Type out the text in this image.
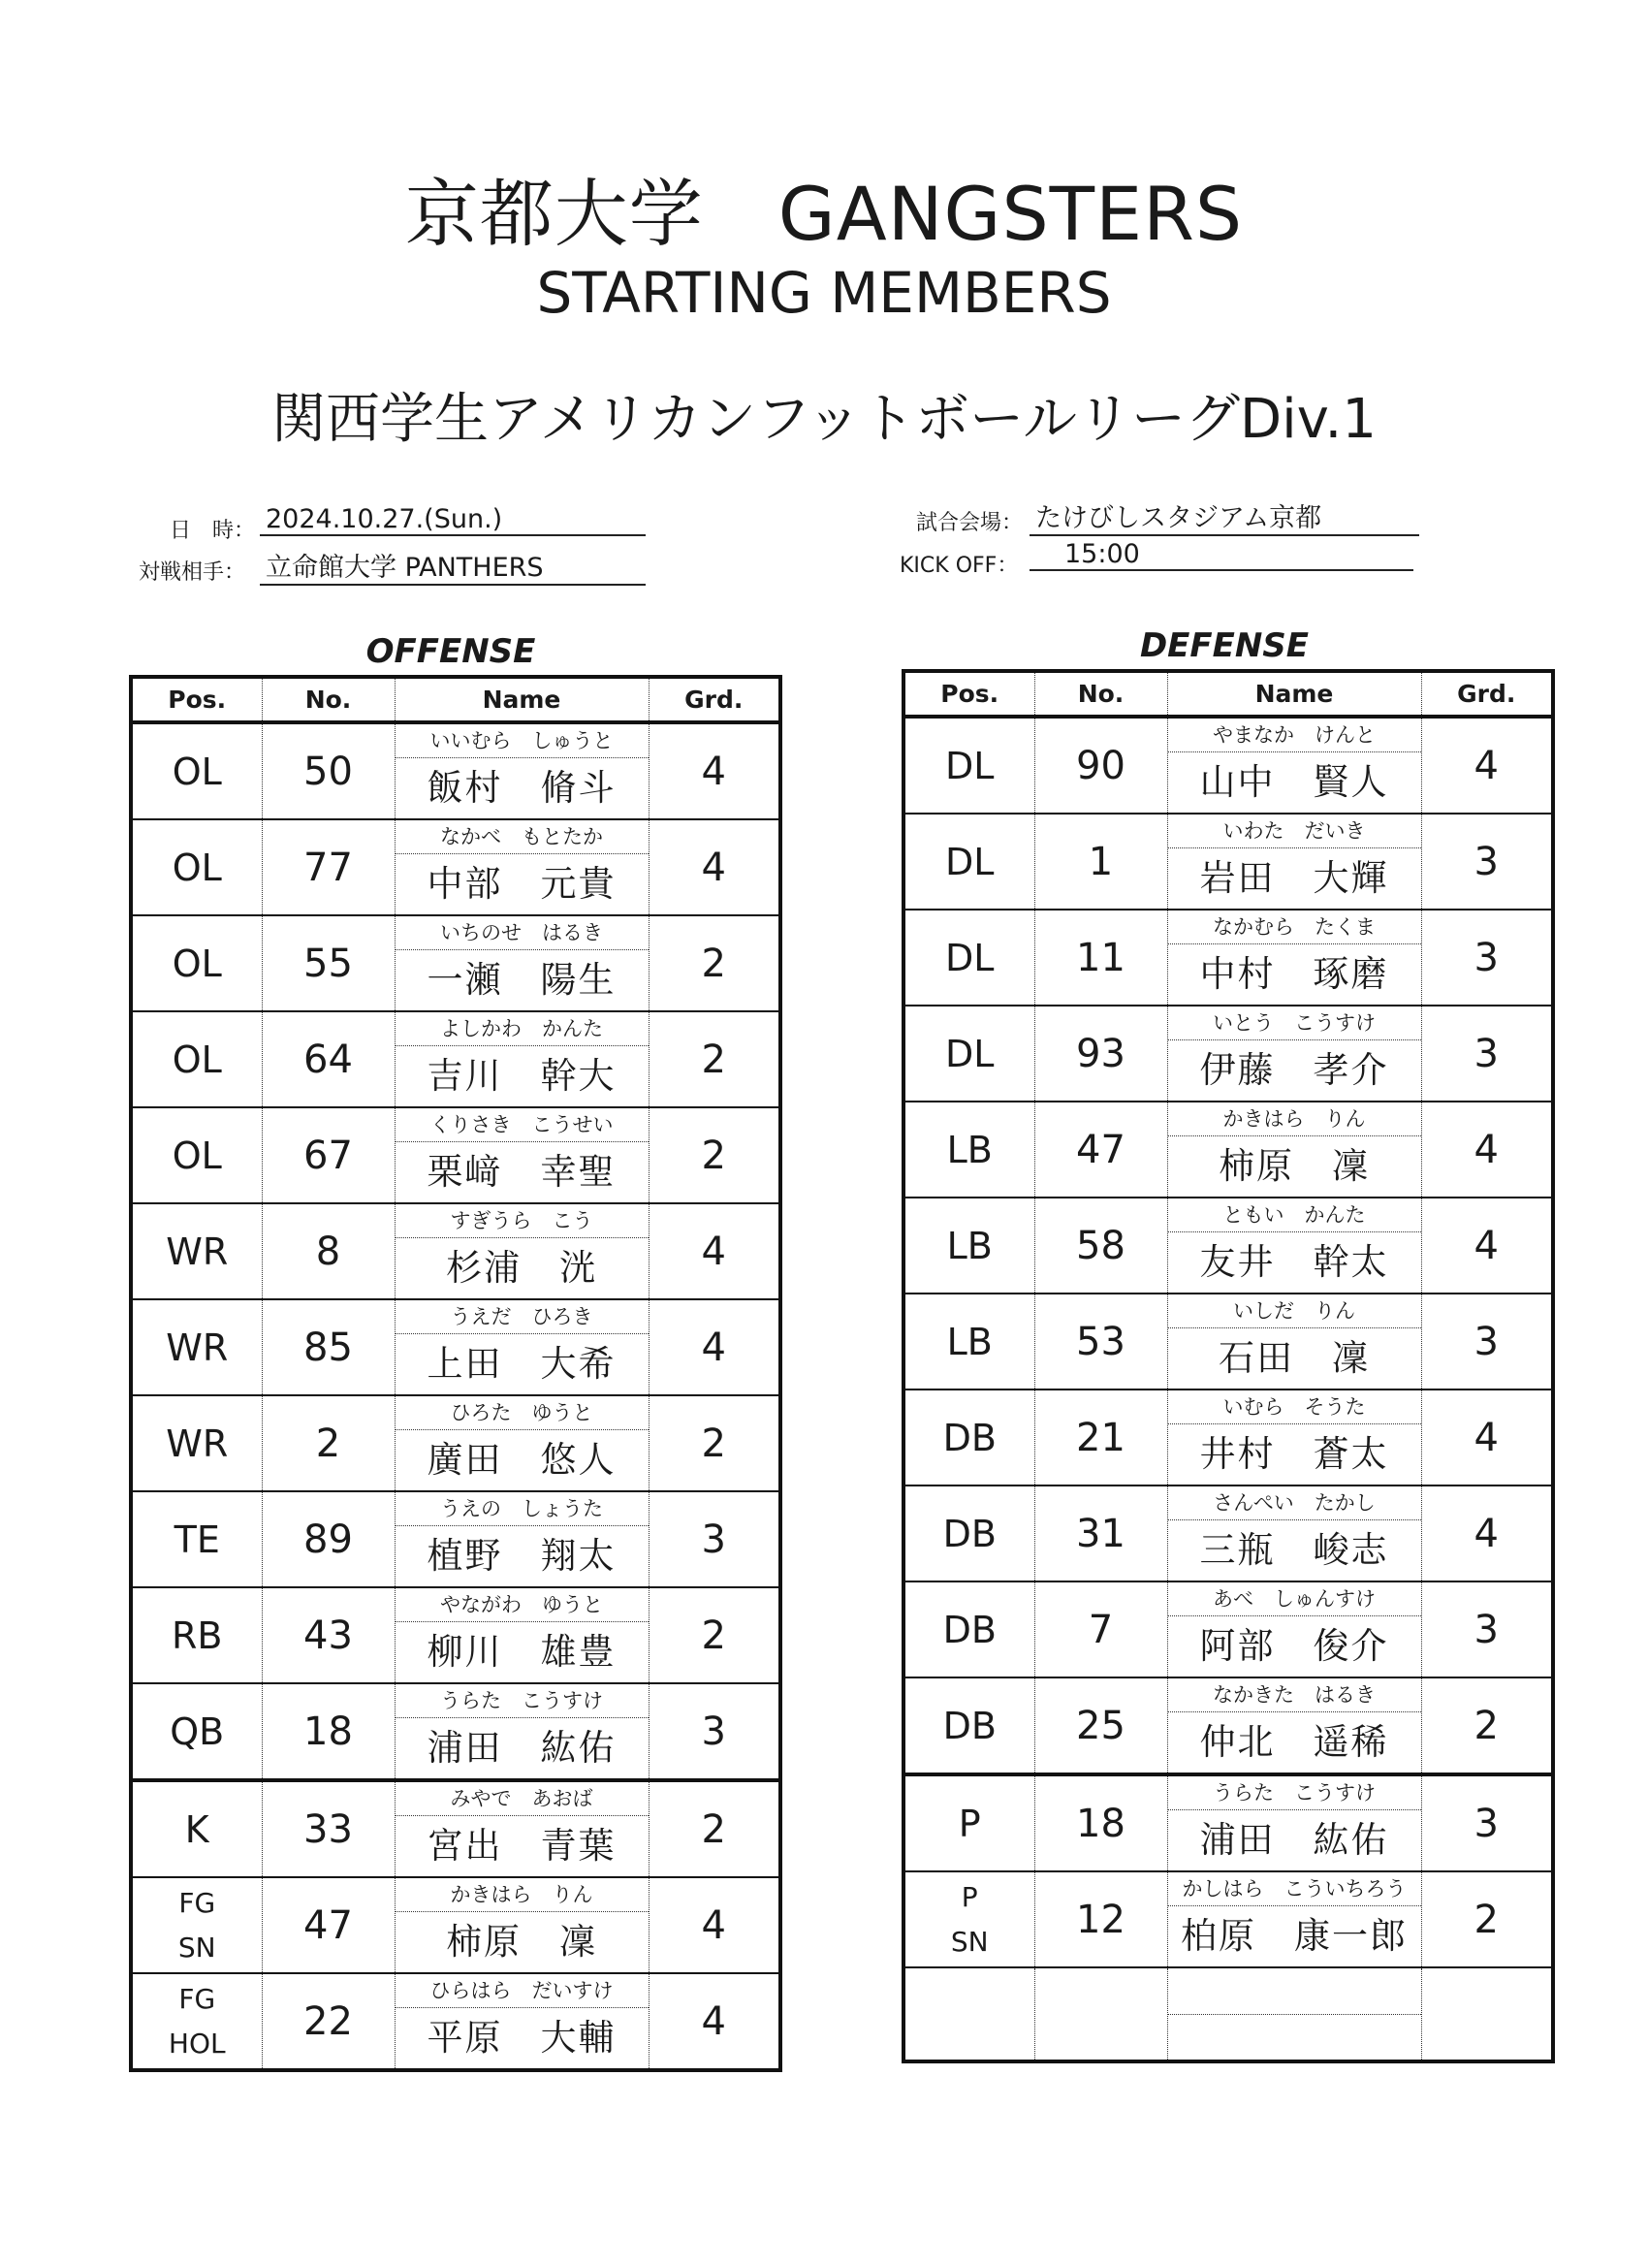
京都大学　GANGSTERS
STARTING MEMBERS
関西学生アメリカンフットボールリーグDiv.1
日　時： 2024.10.27.(Sun.)
対戦相手： 立命館大学 PANTHERS
試合会場： たけびしスタジアム京都
KICK OFF：	15:00
OFFENSE	DEFENSE
Pos.	No.	Name	Grd.
OL	50	いいむら　しゅうと
飯村　脩斗	4
OL	77	なかべ　もとたか
中部　元貴	4
OL	55	いちのせ　はるき
一瀬　陽生	2
OL	64	よしかわ　かんた
吉川　幹大	2
OL	67	くりさき　こうせい
栗﨑　幸聖	2
WR	8	すぎうら　こう
杉浦　洸	4
WR	85	うえだ　ひろき
上田　大希	4
WR	2	ひろた　ゆうと
廣田　悠人	2
TE	89	うえの　しょうた
植野　翔太	3
RB	43	やながわ　ゆうと
柳川　雄豊	2
QB	18	うらた　こうすけ
浦田　紘佑	3
K	33	みやで　あおば
宮出　青葉	2
FG
SN	47	かきはら　りん
柿原　凜	4
FG
HOL	22	ひらはら　だいすけ
平原　大輔	4
Pos.	No.	Name	Grd.
DL	90	やまなか　けんと
山中　賢人	4
DL	1	いわた　だいき
岩田　大輝	3
DL	11	なかむら　たくま
中村　琢磨	3
DL	93	いとう　こうすけ
伊藤　孝介	3
LB	47	かきはら　りん
柿原　凜	4
LB	58	ともい　かんた
友井　幹太	4
LB	53	いしだ　りん
石田　凜	3
DB	21	いむら　そうた
井村　蒼太	4
DB	31	さんぺい　たかし
三瓶　峻志	4
DB	7	あべ　しゅんすけ
阿部　俊介	3
DB	25	なかきた　はるき
仲北　遥稀	2
P	18	うらた　こうすけ
浦田　紘佑	3
P
SN	12	かしはら　こういちろう
柏原　康一郎	2
